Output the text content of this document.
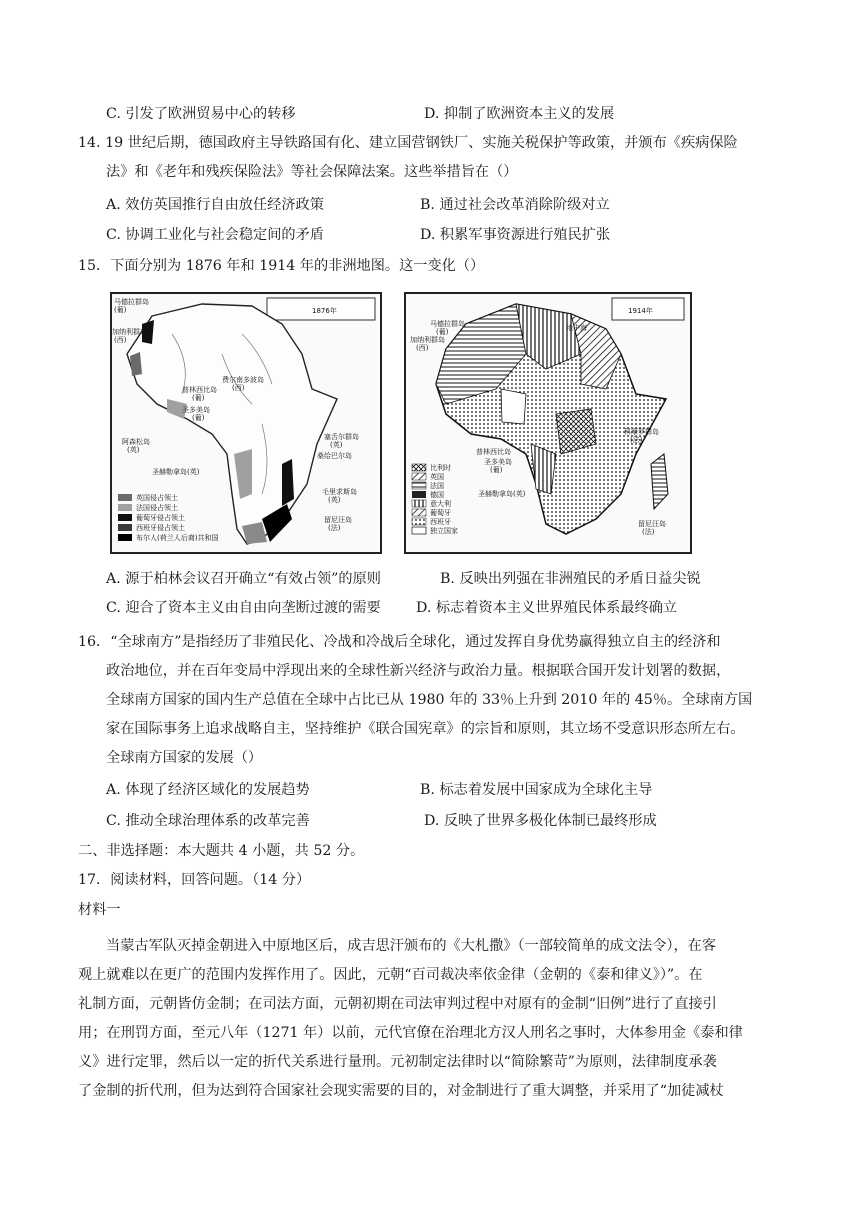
C. 引发了欧洲贸易中心的转移	D. 抑制了欧洲资本主义的发展
14. 19 世纪后期，德国政府主导铁路国有化、建立国营钢铁厂、实施关税保护等政策，并颁布《疾病保险
法》和《老年和残疾保险法》等社会保障法案。这些举措旨在（）
A. 效仿英国推行自由放任经济政策	B. 通过社会改革消除阶级对立
C. 协调工业化与社会稳定间的矛盾	D. 积累军事资源进行殖民扩张
15．下面分别为 1876 年和 1914 年的非洲地图。这一变化（）
1876年
马德拉群岛
(葡)
加纳利群岛
(西)
费尔南多波岛
(西)
普林西比岛
(葡)
圣多美岛
(葡)
阿森松岛
(英)
圣赫勒拿岛(英)
塞舌尔群岛
(英)
桑给巴尔岛
毛里求斯岛
(英)
留尼汪岛
(法)
英国侵占领土
法国侵占领土
葡萄牙侵占领土
西班牙侵占领土
布尔人(荷兰人后裔)共和国
1914年
马德拉群岛
(葡)
加纳利群岛
(西)
地中海
普林西比岛
圣多美岛
(葡)
科摩罗群岛
(法)
圣赫勒拿岛(英)
留尼汪岛
(法)
比利时
英国
法国
德国
意大利
葡萄牙
西班牙
独立国家
A. 源于柏林会议召开确立“有效占领”的原则	B. 反映出列强在非洲殖民的矛盾日益尖锐
C. 迎合了资本主义由自由向垄断过渡的需要 D. 标志着资本主义世界殖民体系最终确立
16．“全球南方”是指经历了非殖民化、冷战和冷战后全球化，通过发挥自身优势赢得独立自主的经济和
政治地位，并在百年变局中浮现出来的全球性新兴经济与政治力量。根据联合国开发计划署的数据，
全球南方国家的国内生产总值在全球中占比已从 1980 年的 33％上升到 2010 年的 45％。全球南方国
家在国际事务上追求战略自主，坚持维护《联合国宪章》的宗旨和原则，其立场不受意识形态所左右。
全球南方国家的发展（）
A. 体现了经济区域化的发展趋势	B. 标志着发展中国家成为全球化主导
C. 推动全球治理体系的改革完善	D. 反映了世界多极化体制已最终形成
二、非选择题：本大题共 4 小题，共 52 分。
17．阅读材料，回答问题。（14 分）
材料一
当蒙古军队灭掉金朝进入中原地区后，成吉思汗颁布的《大札撒》（一部较简单的成文法令），在客
观上就难以在更广的范围内发挥作用了。因此，元朝“百司裁决率依金律（金朝的《泰和律义》）”。在
礼制方面，元朝皆仿金制；在司法方面，元朝初期在司法审判过程中对原有的金制“旧例”进行了直接引
用；在刑罚方面，至元八年（1271 年）以前，元代官僚在治理北方汉人刑名之事时，大体参用金《泰和律
义》进行定罪，然后以一定的折代关系进行量刑。元初制定法律时以“简除繁苛”为原则，法律制度承袭
了金制的折代刑，但为达到符合国家社会现实需要的目的，对金制进行了重大调整，并采用了“加徒减杖
